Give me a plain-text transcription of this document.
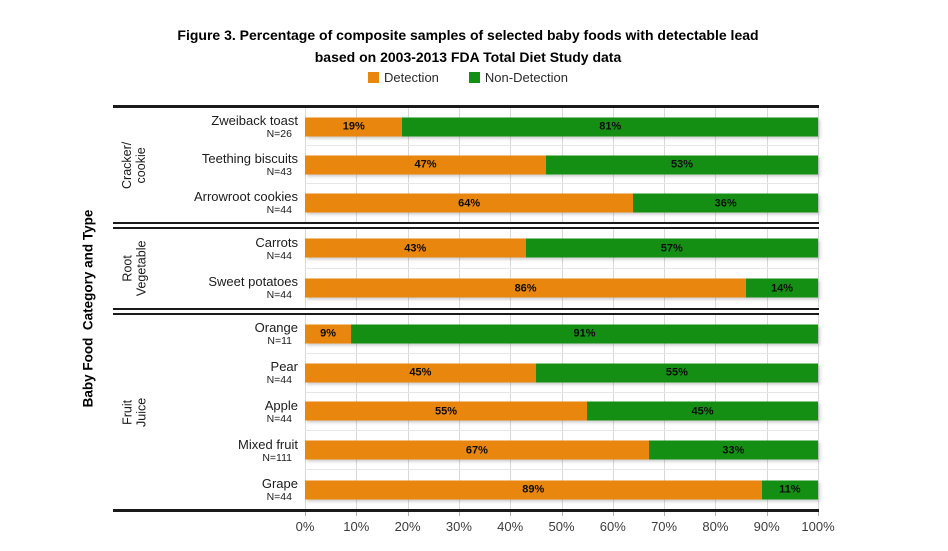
Figure 3. Percentage of composite samples of selected baby foods with detectable lead
based on 2003-2013 FDA Total Diet Study data
Detection	Non-Detection
Baby Food  Category and Type
Cracker/ cookie
Zweiback toast
N=26
19%	81%
Teething biscuits
N=43
47%	53%
Arrowroot cookies
N=44
64%	36%
Root Vegetable	Carrots
N=44
43%	57%
Sweet potatoes
N=44
86%	14%
Fruit Juice
Orange
N=11
9%	91%
Pear
N=44
45%	55%
Apple
N=44
55%	45%
Mixed fruit
N=111
67%	33%
Grape
N=44
89%	11%
0%	10%	20%	30%	40%	50%	60%	70%	80%	90%	100%
